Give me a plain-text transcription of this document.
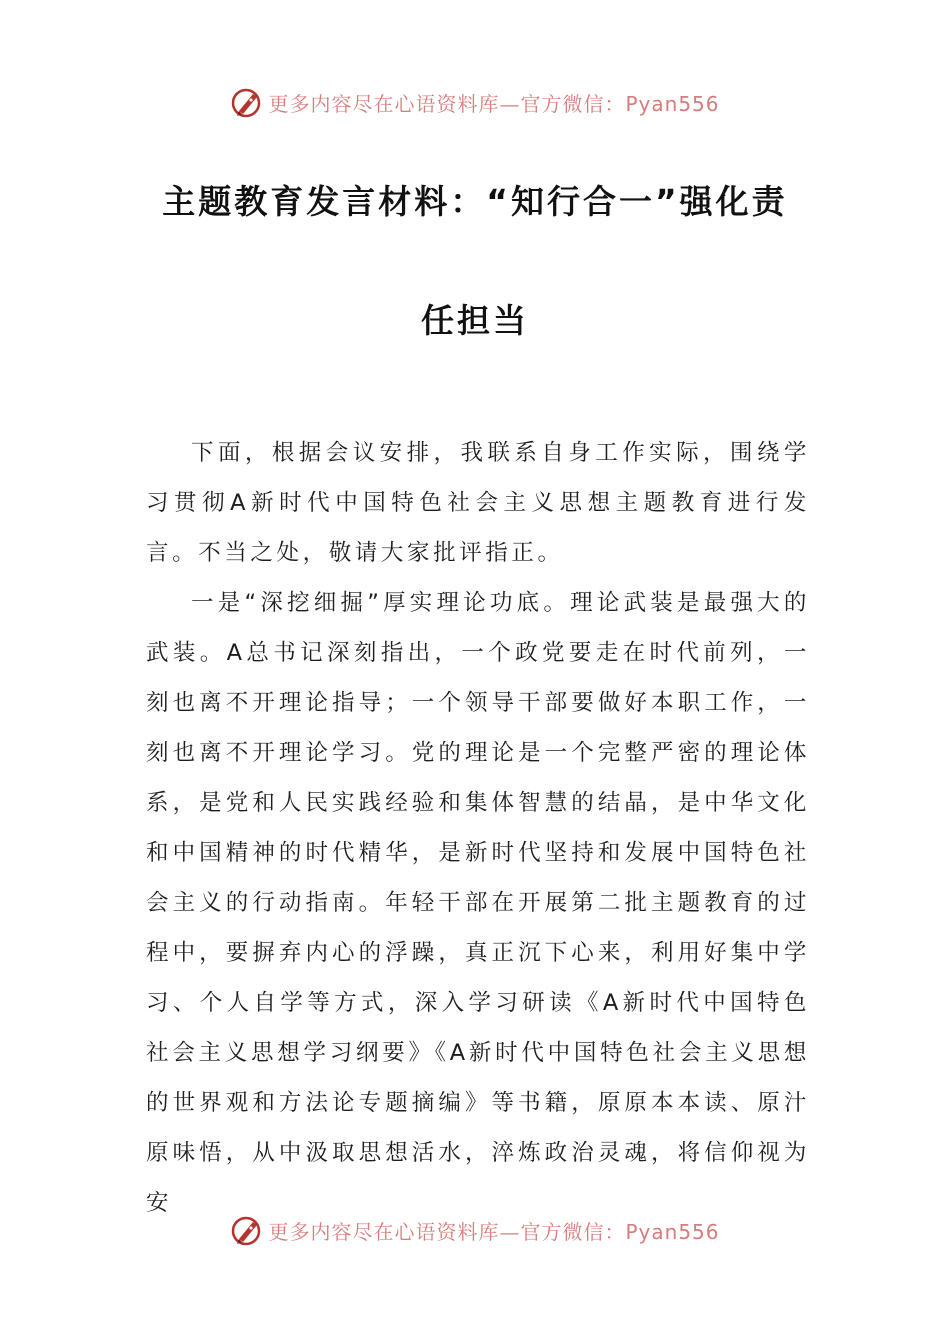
更多内容尽在心语资料库—官方微信：Pyan556
主题教育发言材料：“知行合一”强化责
任担当

下面，根据会议安排，我联系自身工作实际，围绕学习贯彻A新时代中国特色社会主义思想主题教育进行发言。不当之处，敬请大家批评指正。

一是“深挖细掘”厚实理论功底。理论武装是最强大的武装。A总书记深刻指出，一个政党要走在时代前列，一刻也离不开理论指导；一个领导干部要做好本职工作，一刻也离不开理论学习。党的理论是一个完整严密的理论体系，是党和人民实践经验和集体智慧的结晶，是中华文化和中国精神的时代精华，是新时代坚持和发展中国特色社会主义的行动指南。年轻干部在开展第二批主题教育的过程中，要摒弃内心的浮躁，真正沉下心来，利用好集中学习、个人自学等方式，深入学习研读《A新时代中国特色社会主义思想学习纲要》《A新时代中国特色社会主义思想的世界观和方法论专题摘编》等书籍，原原本本读、原汁原味悟，从中汲取思想活水，淬炼政治灵魂，将信仰视为安

更多内容尽在心语资料库—官方微信：Pyan556
